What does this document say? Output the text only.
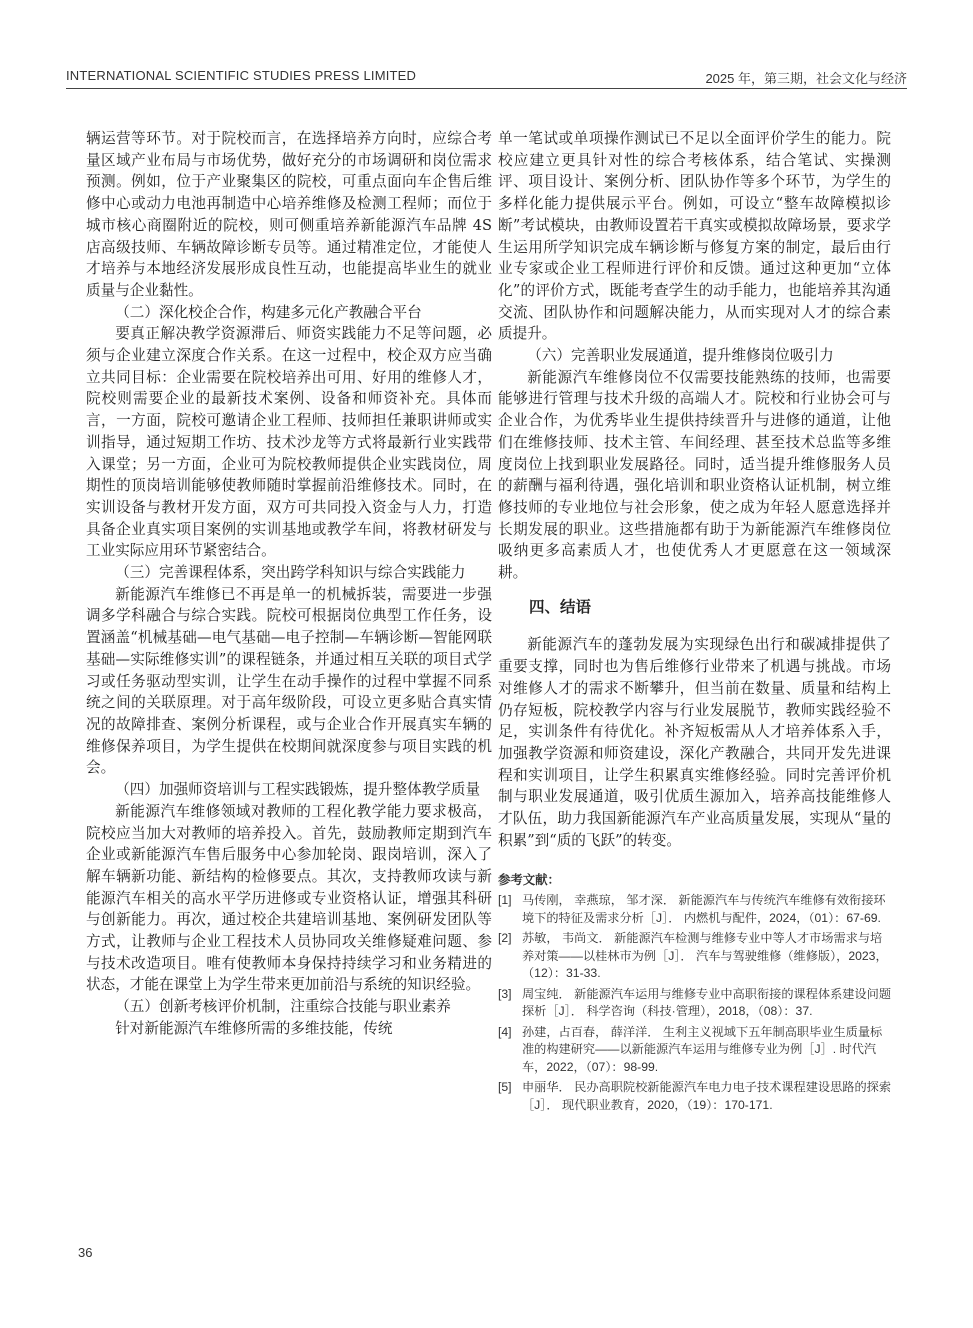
INTERNATIONAL SCIENTIFIC STUDIES PRESS LIMITED	2025 年，第三期，社会文化与经济

辆运营等环节。对于院校而言，在选择培养方向时，应综合考量区域产业布局与市场优势，做好充分的市场调研和岗位需求预测。例如，位于产业聚集区的院校，可重点面向车企售后维修中心或动力电池再制造中心培养维修及检测工程师；而位于城市核心商圈附近的院校，则可侧重培养新能源汽车品牌 4S 店高级技师、车辆故障诊断专员等。通过精准定位，才能使人才培养与本地经济发展形成良性互动，也能提高毕业生的就业质量与企业黏性。

（二）深化校企合作，构建多元化产教融合平台

要真正解决教学资源滞后、师资实践能力不足等问题，必须与企业建立深度合作关系。在这一过程中，校企双方应当确立共同目标：企业需要在院校培养出可用、好用的维修人才，院校则需要企业的最新技术案例、设备和师资补充。具体而言，一方面，院校可邀请企业工程师、技师担任兼职讲师或实训指导，通过短期工作坊、技术沙龙等方式将最新行业实践带入课堂；另一方面，企业可为院校教师提供企业实践岗位，周期性的顶岗培训能够使教师随时掌握前沿维修技术。同时，在实训设备与教材开发方面，双方可共同投入资金与人力，打造具备企业真实项目案例的实训基地或教学车间，将教材研发与工业实际应用环节紧密结合。

（三）完善课程体系，突出跨学科知识与综合实践能力

新能源汽车维修已不再是单一的机械拆装，需要进一步强调多学科融合与综合实践。院校可根据岗位典型工作任务，设置涵盖“机械基础—电气基础—电子控制—车辆诊断—智能网联基础—实际维修实训”的课程链条，并通过相互关联的项目式学习或任务驱动型实训，让学生在动手操作的过程中掌握不同系统之间的关联原理。对于高年级阶段，可设立更多贴合真实情况的故障排查、案例分析课程，或与企业合作开展真实车辆的维修保养项目，为学生提供在校期间就深度参与项目实践的机会。

（四）加强师资培训与工程实践锻炼，提升整体教学质量

新能源汽车维修领域对教师的工程化教学能力要求极高，院校应当加大对教师的培养投入。首先，鼓励教师定期到汽车企业或新能源汽车售后服务中心参加轮岗、跟岗培训，深入了解车辆新功能、新结构的检修要点。其次，支持教师攻读与新能源汽车相关的高水平学历进修或专业资格认证，增强其科研与创新能力。再次，通过校企共建培训基地、案例研发团队等方式，让教师与企业工程技术人员协同攻关维修疑难问题、参与技术改造项目。唯有使教师本身保持持续学习和业务精进的状态，才能在课堂上为学生带来更加前沿与系统的知识经验。

（五）创新考核评价机制，注重综合技能与职业素养

针对新能源汽车维修所需的多维技能，传统

单一笔试或单项操作测试已不足以全面评价学生的能力。院校应建立更具针对性的综合考核体系，结合笔试、实操测评、项目设计、案例分析、团队协作等多个环节，为学生的多样化能力提供展示平台。例如，可设立“整车故障模拟诊断”考试模块，由教师设置若干真实或模拟故障场景，要求学生运用所学知识完成车辆诊断与修复方案的制定，最后由行业专家或企业工程师进行评价和反馈。通过这种更加“立体化”的评价方式，既能考查学生的动手能力，也能培养其沟通交流、团队协作和问题解决能力，从而实现对人才的综合素质提升。

（六）完善职业发展通道，提升维修岗位吸引力

新能源汽车维修岗位不仅需要技能熟练的技师，也需要能够进行管理与技术升级的高端人才。院校和行业协会可与企业合作，为优秀毕业生提供持续晋升与进修的通道，让他们在维修技师、技术主管、车间经理、甚至技术总监等多维度岗位上找到职业发展路径。同时，适当提升维修服务人员的薪酬与福利待遇，强化培训和职业资格认证机制，树立维修技师的专业地位与社会形象，使之成为年轻人愿意选择并长期发展的职业。这些措施都有助于为新能源汽车维修岗位吸纳更多高素质人才，也使优秀人才更愿意在这一领域深耕。

四、结语

新能源汽车的蓬勃发展为实现绿色出行和碳减排提供了重要支撑，同时也为售后维修行业带来了机遇与挑战。市场对维修人才的需求不断攀升，但当前在数量、质量和结构上仍存短板，院校教学内容与行业发展脱节，教师实践经验不足，实训条件有待优化。补齐短板需从人才培养体系入手，加强教学资源和师资建设，深化产教融合，共同开发先进课程和实训项目，让学生积累真实维修经验。同时完善评价机制与职业发展通道，吸引优质生源加入，培养高技能维修人才队伍，助力我国新能源汽车产业高质量发展，实现从“量的积累”到“质的飞跃”的转变。

参考文献：
[1] 马传刚， 幸燕琼， 邹才深． 新能源汽车与传统汽车维修有效衔接环境下的特征及需求分析［J］． 内燃机与配件，2024，（01）：67-69.
[2] 苏敏， 韦尚文． 新能源汽车检测与维修专业中等人才市场需求与培养对策——以桂林市为例［J］． 汽车与驾驶维修（维修版），2023，（12）：31-33.
[3] 周宝纯． 新能源汽车运用与维修专业中高职衔接的课程体系建设问题探析［J］． 科学咨询（科技·管理），2018，（08）：37.
[4] 孙建，占百春， 薛洋洋． 生利主义视域下五年制高职毕业生质量标准的构建研究——以新能源汽车运用与维修专业为例［J］. 时代汽车，2022，（07）：98-99.
[5] 申丽华． 民办高职院校新能源汽车电力电子技术课程建设思路的探索［J］． 现代职业教育，2020，（19）：170-171.
36
